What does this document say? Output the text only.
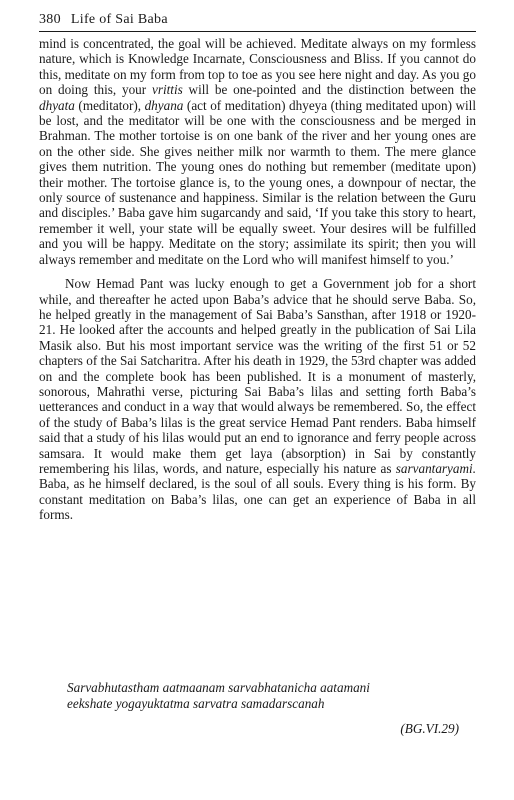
380 Life of Sai Baba

mind is concentrated, the goal will be achieved. Meditate always on my formless nature, which is Knowledge Incarnate, Consciousness and Bliss. If you cannot do this, meditate on my form from top to toe as you see here night and day. As you go on doing this, your vrittis will be one-pointed and the distinction between the dhyata (meditator), dhyana (act of meditation) dhyeya (thing meditated upon) will be lost, and the meditator will be one with the consciousness and be merged in Brahman. The mother tortoise is on one bank of the river and her young ones are on the other side. She gives neither milk nor warmth to them. The mere glance gives them nutrition. The young ones do nothing but remember (meditate upon) their mother. The tortoise glance is, to the young ones, a downpour of nectar, the only source of sustenance and happiness. Similar is the relation between the Guru and disciples.’ Baba gave him sugarcandy and said, ‘If you take this story to heart, remember it well, your state will be equally sweet. Your desires will be fulfilled and you will be happy. Meditate on the story; assimilate its spirit; then you will always remember and meditate on the Lord who will manifest himself to you.’

Now Hemad Pant was lucky enough to get a Government job for a short while, and thereafter he acted upon Baba’s advice that he should serve Baba. So, he helped greatly in the management of Sai Baba’s Sansthan, after 1918 or 1920-21. He looked after the accounts and helped greatly in the publication of Sai Lila Masik also. But his most important service was the writing of the first 51 or 52 chapters of the Sai Satcharitra. After his death in 1929, the 53rd chapter was added on and the complete book has been published. It is a monument of masterly, sonorous, Mahrathi verse, picturing Sai Baba’s lilas and setting forth Baba’s uetterances and conduct in a way that would always be remembered. So, the effect of the study of Baba’s lilas is the great service Hemad Pant renders. Baba himself said that a study of his lilas would put an end to ignorance and ferry people across samsara. It would make them get laya (absorption) in Sai by constantly remembering his lilas, words, and nature, especially his nature as sarvantaryami. Baba, as he himself declared, is the soul of all souls. Every thing is his form. By constant meditation on Baba’s lilas, one can get an experience of Baba in all forms.

Sarvabhutastham aatmaanam sarvabhatanicha aatamani
eekshate yogayuktatma sarvatra samadarscanah
(BG.VI.29)
